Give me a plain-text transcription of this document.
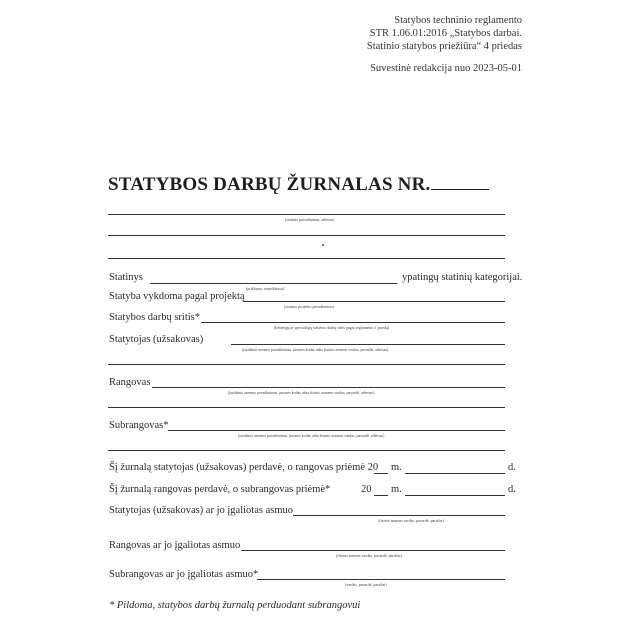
Statybos techninio reglamento
STR 1.06.01:2016 „Statybos darbai.
Statinio statybos priežiūra“ 4 priedas
Suvestinė redakcija nuo 2023-05-01
STATYBOS DARBŲ ŽURNALAS NR.
(statinio pavadinimas, adresas)
Statinys	ypatingų statinių kategorijai.
(priklauso, nepriklauso)
Statyba vykdoma pagal projektą
(statinio projekto pavadinimas)
Statybos darbų sritis*
(bendrųjų ar specialiųjų statybos darbų sritis pagal reglamento 1 priedą)
Statytojas (užsakovas)
(juridinio asmens pavadinimas, įmonės kodas arba fizinio asmens vardas, pavardė, adresas)
Rangovas
(juridinio asmens pavadinimas, įmonės kodas arba fizinio asmens vardas, pavardė, adresas)
Subrangovas*
(juridinio asmens pavadinimas, įmonės kodas arba fizinio asmens vardas, pavardė, adresas)
Šį žurnalą statytojas (užsakovas) perdavė, o rangovas priėmė 20 m.	d.
Šį žurnalą rangovas perdavė, o subrangovas priėmė*	20 m.	d.
Statytojas (užsakovas) ar jo įgaliotas asmuo
(fizinio asmens vardas, pavardė, parašas)
Rangovas ar jo įgaliotas asmuo
(fizinio asmens vardas, pavardė, parašas)
Subrangovas ar jo įgaliotas asmuo*
(vardas, pavardė, parašas)
* Pildoma, statybos darbų žurnalą perduodant subrangovui
